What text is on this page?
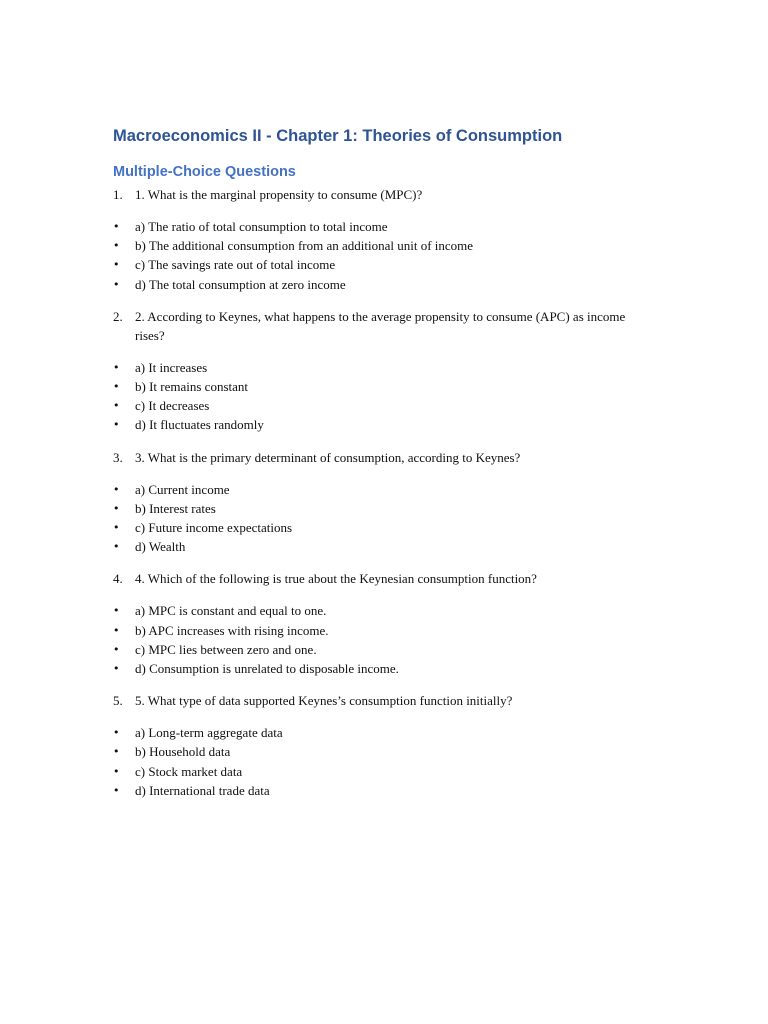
Macroeconomics II - Chapter 1: Theories of Consumption
Multiple-Choice Questions

1. 1. What is the marginal propensity to consume (MPC)?

• a) The ratio of total consumption to total income
• b) The additional consumption from an additional unit of income
• c) The savings rate out of total income
• d) The total consumption at zero income

2. 2. According to Keynes, what happens to the average propensity to consume (APC) as income rises?

• a) It increases
• b) It remains constant
• c) It decreases
• d) It fluctuates randomly

3. 3. What is the primary determinant of consumption, according to Keynes?

• a) Current income
• b) Interest rates
• c) Future income expectations
• d) Wealth

4. 4. Which of the following is true about the Keynesian consumption function?

• a) MPC is constant and equal to one.
• b) APC increases with rising income.
• c) MPC lies between zero and one.
• d) Consumption is unrelated to disposable income.

5. 5. What type of data supported Keynes’s consumption function initially?

• a) Long-term aggregate data
• b) Household data
• c) Stock market data
• d) International trade data
